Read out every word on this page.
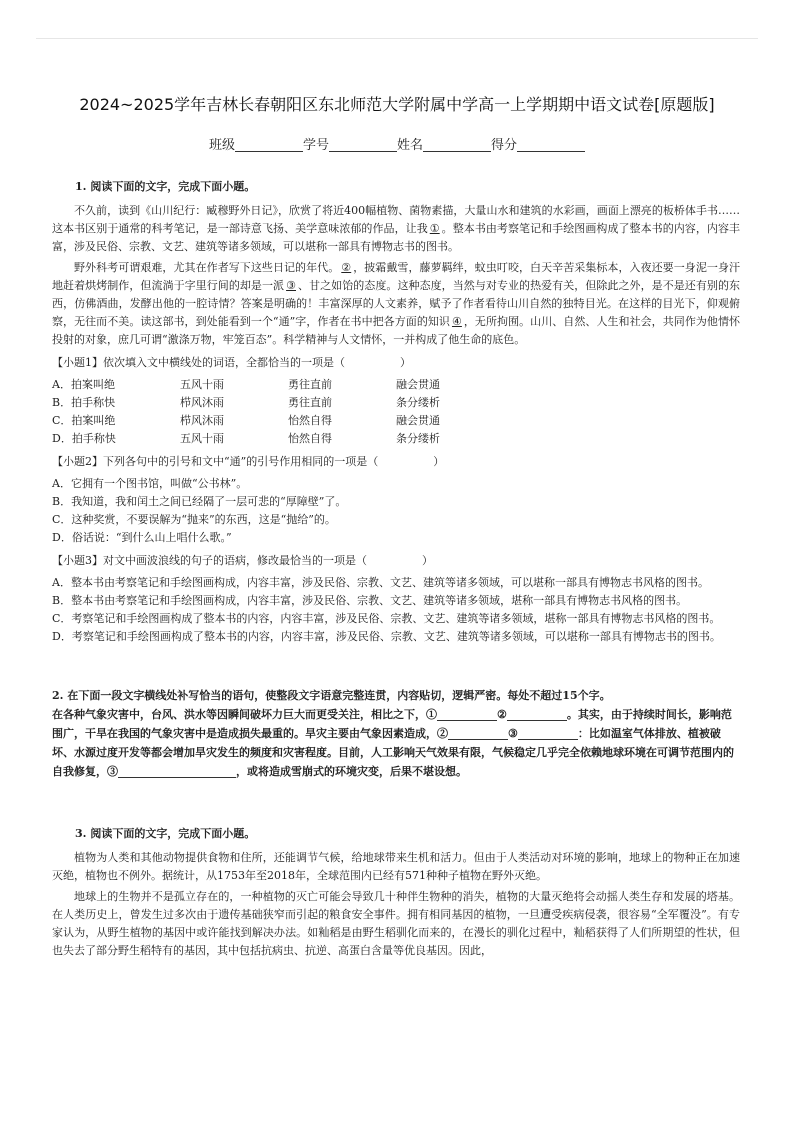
2024~2025学年吉林长春朝阳区东北师范大学附属中学高一上学期期中语文试卷[原题版]
班级	学号	姓名	得分
1. 阅读下面的文字，完成下面小题。

不久前，读到《山川纪行：臧穆野外日记》，欣赏了将近400幅植物、菌物素描，大量山水和建筑的水彩画，画面上漂亮的板桥体手书……这本书区别于通常的科考笔记，是一部诗意飞扬、美学意味浓郁的作品，让我 ① 。整本书由考察笔记和手绘图画构成了整本书的内容，内容丰富，涉及民俗、宗教、文艺、建筑等诸多领域，可以堪称一部具有博物志书的图书。

野外科考可谓艰难，尤其在作者写下这些日记的年代。 ② ，披霜戴雪，藤萝羁绊，蚊虫叮咬，白天辛苦采集标本，入夜还要一身泥一身汗地赶着烘烤制作，但流淌于字里行间的却是一派 ③ 、甘之如饴的态度。这种态度，当然与对专业的热爱有关，但除此之外，是不是还有别的东西，仿佛酒曲，发酵出他的一腔诗情？答案是明确的！丰富深厚的人文素养，赋予了作者看待山川自然的独特目光。在这样的目光下，仰观俯察，无往而不美。读这部书，到处能看到一个“通”字，作者在书中把各方面的知识 ④ ，无所拘囿。山川、自然、人生和社会，共同作为他情怀投射的对象，庶几可谓“激涤万物，牢笼百态”。科学精神与人文情怀，一并构成了他生命的底色。

【小题1】依次填入文中横线处的词语，全都恰当的一项是（　　　　　）
A．拍案叫绝	五风十雨	勇往直前	融会贯通
B．拍手称快	栉风沐雨	勇往直前	条分缕析
C．拍案叫绝	栉风沐雨	怡然自得	融会贯通
D．拍手称快	五风十雨	怡然自得	条分缕析
【小题2】下列各句中的引号和文中“通”的引号作用相同的一项是（　　　　　）
A．它拥有一个图书馆，叫做“公书林”。
B．我知道，我和闰土之间已经隔了一层可悲的“厚障壁”了。
C．这种奖赏，不要误解为“抛来”的东西，这是“抛给”的。
D．俗话说：“到什么山上唱什么歌。”
【小题3】对文中画波浪线的句子的语病，修改最恰当的一项是（　　　　　）
A．整本书由考察笔记和手绘图画构成，内容丰富，涉及民俗、宗教、文艺、建筑等诸多领域，可以堪称一部具有博物志书风格的图书。
B．整本书由考察笔记和手绘图画构成，内容丰富，涉及民俗、宗教、文艺、建筑等诸多领域，堪称一部具有博物志书风格的图书。
C．考察笔记和手绘图画构成了整本书的内容，内容丰富，涉及民俗、宗教、文艺、建筑等诸多领域，堪称一部具有博物志书风格的图书。
D．考察笔记和手绘图画构成了整本书的内容，内容丰富，涉及民俗、宗教、文艺、建筑等诸多领域，可以堪称一部具有博物志书的图书。
2. 在下面一段文字横线处补写恰当的语句，使整段文字语意完整连贯，内容贴切，逻辑严密。每处不超过15个字。
在各种气象灾害中，台风、洪水等因瞬间破坏力巨大而更受关注，相比之下，①	②	。其实，由于持续时间长，影响范围广，干旱在我国的气象灾害中是造成损失最重的。旱灾主要由气象因素造成，②	③	：比如温室气体排放、植被破坏、水源过度开发等都会增加旱灾发生的频度和灾害程度。目前，人工影响天气效果有限，气候稳定几乎完全依赖地球环境在可调节范围内的自我修复，③	，或将造成雪崩式的环境灾变，后果不堪设想。
3. 阅读下面的文字，完成下面小题。

植物为人类和其他动物提供食物和住所，还能调节气候，给地球带来生机和活力。但由于人类活动对环境的影响，地球上的物种正在加速灭绝，植物也不例外。据统计，从1753年至2018年，全球范围内已经有571种种子植物在野外灭绝。

地球上的生物并不是孤立存在的，一种植物的灭亡可能会导致几十种伴生物种的消失，植物的大量灭绝将会动摇人类生存和发展的塔基。在人类历史上，曾发生过多次由于遗传基础狭窄而引起的粮食安全事件。拥有相同基因的植物，一旦遭受疾病侵袭，很容易“全军覆没”。有专家认为，从野生植物的基因中或许能找到解决办法。如籼稻是由野生稻驯化而来的，在漫长的驯化过程中，籼稻获得了人们所期望的性状，但也失去了部分野生稻特有的基因，其中包括抗病虫、抗逆、高蛋白含量等优良基因。因此，
